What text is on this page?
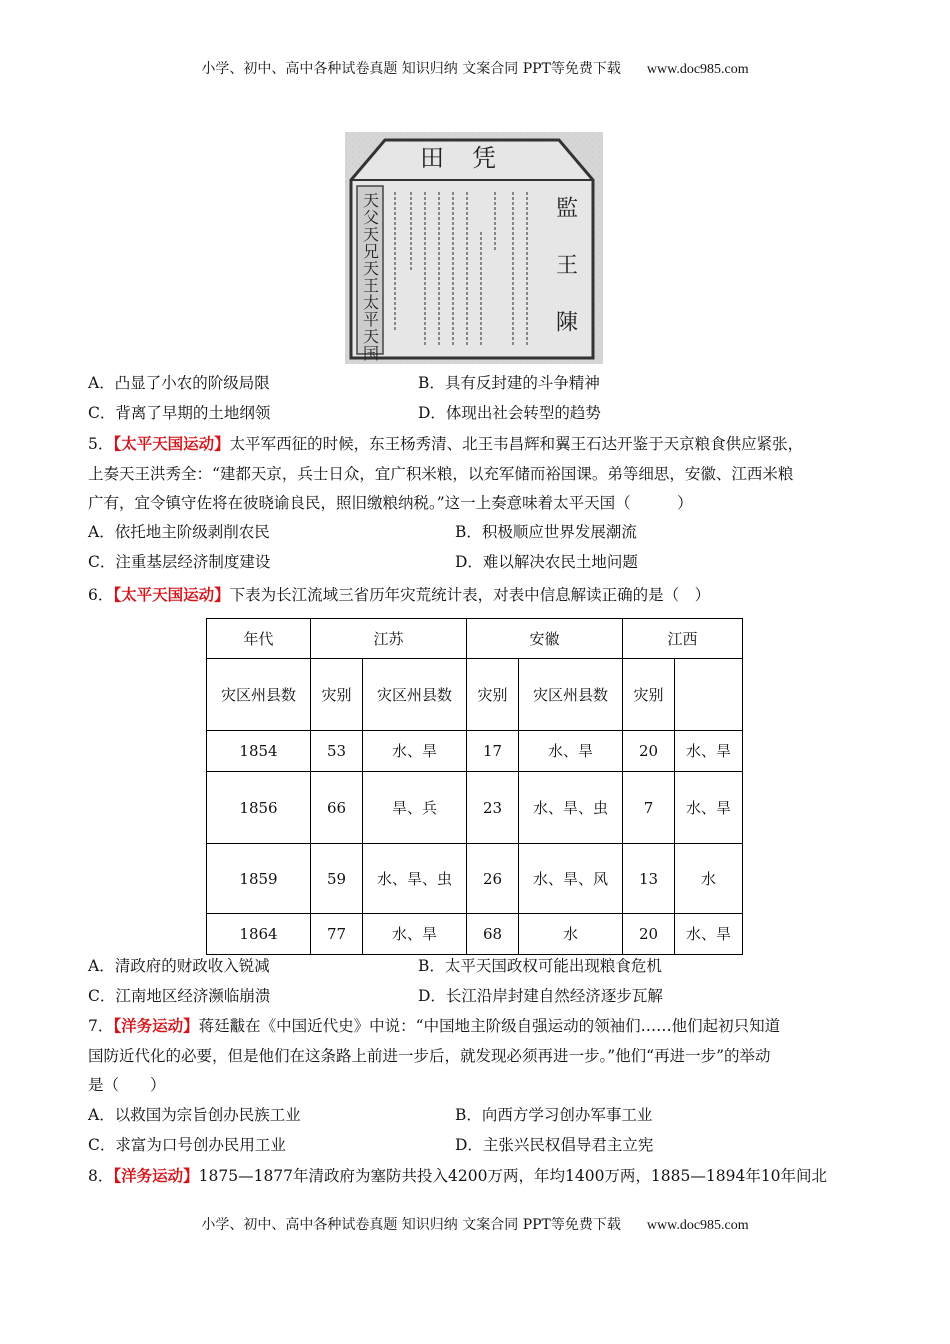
小学、初中、高中各种试卷真题 知识归纳 文案合同 PPT等免费下载 www.doc985.com
田凭
天父天兄天王太平天国	監 王 陳 為
A．凸显了小农的阶级局限	B．具有反封建的斗争精神
C．背离了早期的土地纲领	D．体现出社会转型的趋势
5．【太平天国运动】太平军西征的时候，东王杨秀清、北王韦昌辉和翼王石达开鉴于天京粮食供应紧张，
上奏天王洪秀全：“建都天京，兵士日众，宜广积米粮，以充军储而裕国课。弟等细思，安徽、江西米粮
广有，宜令镇守佐将在彼晓谕良民，照旧缴粮纳税。”这一上奏意味着太平天国（　　　）
A．依托地主阶级剥削农民	B．积极顺应世界发展潮流
C．注重基层经济制度建设	D．难以解决农民土地问题
6．【太平天国运动】下表为长江流域三省历年灾荒统计表，对表中信息解读正确的是（　）
年代	江苏		安徽		江西	
灾区州县数	灾别	灾区州县数	灾别	灾区州县数	灾别	
1854	53	水、旱	17	水、旱	20	水、旱
1856	66	旱、兵	23	水、旱、虫	7	水、旱
1859	59	水、旱、虫	26	水、旱、风	13	水
1864	77	水、旱	68	水	20	水、旱
A．清政府的财政收入锐减	B．太平天国政权可能出现粮食危机
C．江南地区经济濒临崩溃	D．长江沿岸封建自然经济逐步瓦解
7．【洋务运动】蒋廷黻在《中国近代史》中说：“中国地主阶级自强运动的领袖们……他们起初只知道
国防近代化的必要，但是他们在这条路上前进一步后，就发现必须再进一步。”他们“再进一步”的举动
是（　　）
A．以救国为宗旨创办民族工业	B．向西方学习创办军事工业
C．求富为口号创办民用工业	D．主张兴民权倡导君主立宪
8．【洋务运动】1875—1877年清政府为塞防共投入4200万两，年均1400万两，1885—1894年10年间北
小学、初中、高中各种试卷真题 知识归纳 文案合同 PPT等免费下载 www.doc985.com
